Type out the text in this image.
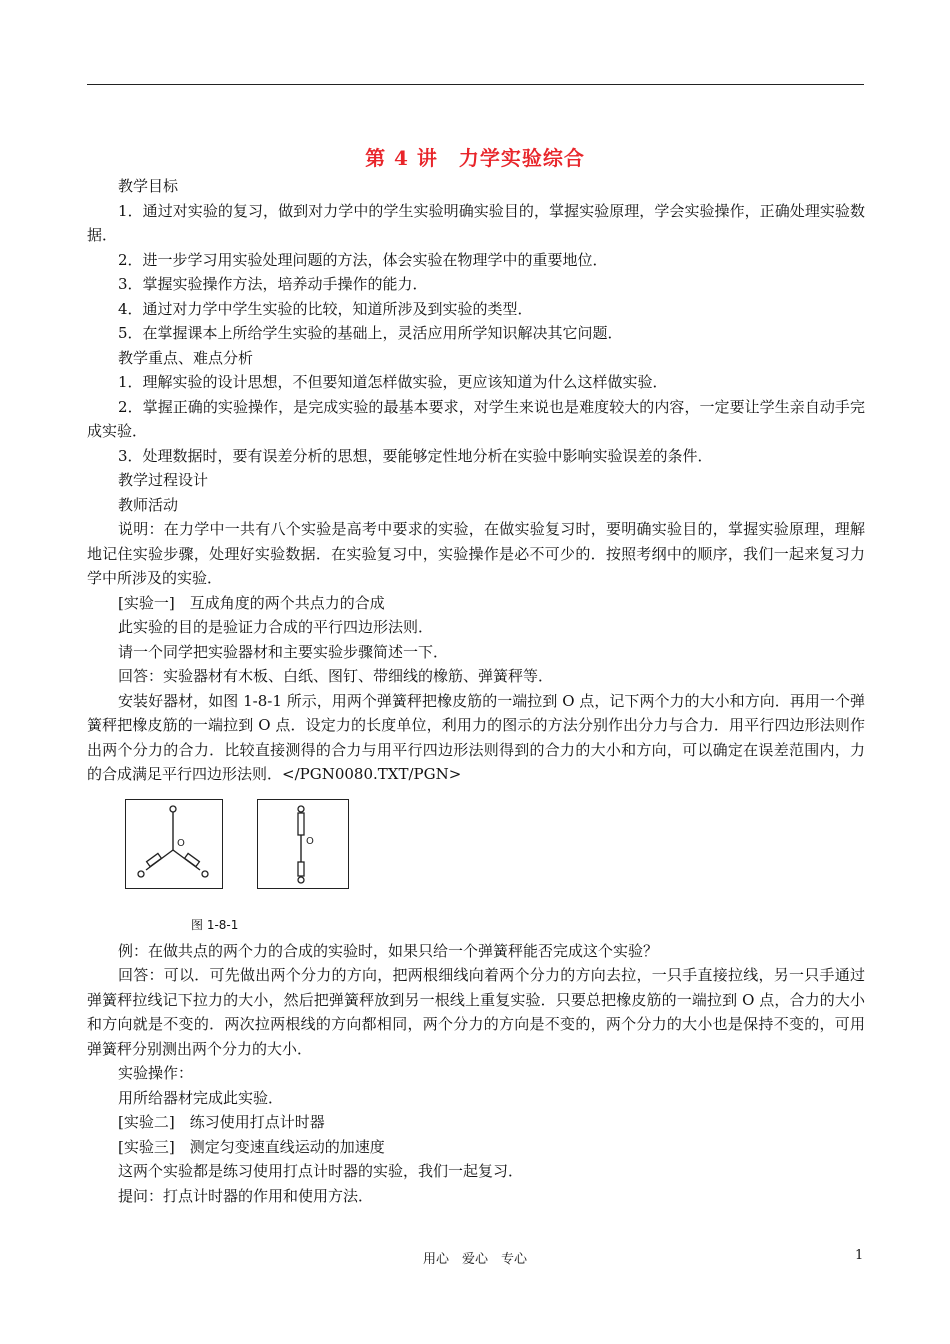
第 4 讲　力学实验综合

教学目标

1．通过对实验的复习，做到对力学中的学生实验明确实验目的，掌握实验原理，学会实验操作，正确处理实验数据．

2．进一步学习用实验处理问题的方法，体会实验在物理学中的重要地位．

3．掌握实验操作方法，培养动手操作的能力．

4．通过对力学中学生实验的比较，知道所涉及到实验的类型．

5．在掌握课本上所给学生实验的基础上，灵活应用所学知识解决其它问题．

教学重点、难点分析

1．理解实验的设计思想，不但要知道怎样做实验，更应该知道为什么这样做实验．

2．掌握正确的实验操作，是完成实验的最基本要求，对学生来说也是难度较大的内容，一定要让学生亲自动手完成实验．

3．处理数据时，要有误差分析的思想，要能够定性地分析在实验中影响实验误差的条件．

教学过程设计

教师活动

说明：在力学中一共有八个实验是高考中要求的实验，在做实验复习时，要明确实验目的，掌握实验原理，理解地记住实验步骤，处理好实验数据．在实验复习中，实验操作是必不可少的．按照考纲中的顺序，我们一起来复习力学中所涉及的实验．

[实验一]　互成角度的两个共点力的合成

此实验的目的是验证力合成的平行四边形法则．

请一个同学把实验器材和主要实验步骤简述一下．

回答：实验器材有木板、白纸、图钉、带细线的橡筋、弹簧秤等．

安装好器材，如图 1-8-1 所示，用两个弹簧秤把橡皮筋的一端拉到 O 点，记下两个力的大小和方向．再用一个弹簧秤把橡皮筋的一端拉到 O 点．设定力的长度单位，利用力的图示的方法分别作出分力与合力．用平行四边形法则作出两个分力的合力．比较直接测得的合力与用平行四边形法则得到的合力的大小和方向，可以确定在误差范围内，力的合成满足平行四边形法则．</PGN0080.TXT/PGN>

O	O
图 1-8-1

例：在做共点的两个力的合成的实验时，如果只给一个弹簧秤能否完成这个实验？

回答：可以．可先做出两个分力的方向，把两根细线向着两个分力的方向去拉，一只手直接拉线，另一只手通过弹簧秤拉线记下拉力的大小，然后把弹簧秤放到另一根线上重复实验．只要总把橡皮筋的一端拉到 O 点，合力的大小和方向就是不变的．两次拉两根线的方向都相同，两个分力的方向是不变的，两个分力的大小也是保持不变的，可用弹簧秤分别测出两个分力的大小．

实验操作：

用所给器材完成此实验．

[实验二]　练习使用打点计时器

[实验三]　测定匀变速直线运动的加速度

这两个实验都是练习使用打点计时器的实验，我们一起复习．

提问：打点计时器的作用和使用方法．

用心　爱心　专心	1
